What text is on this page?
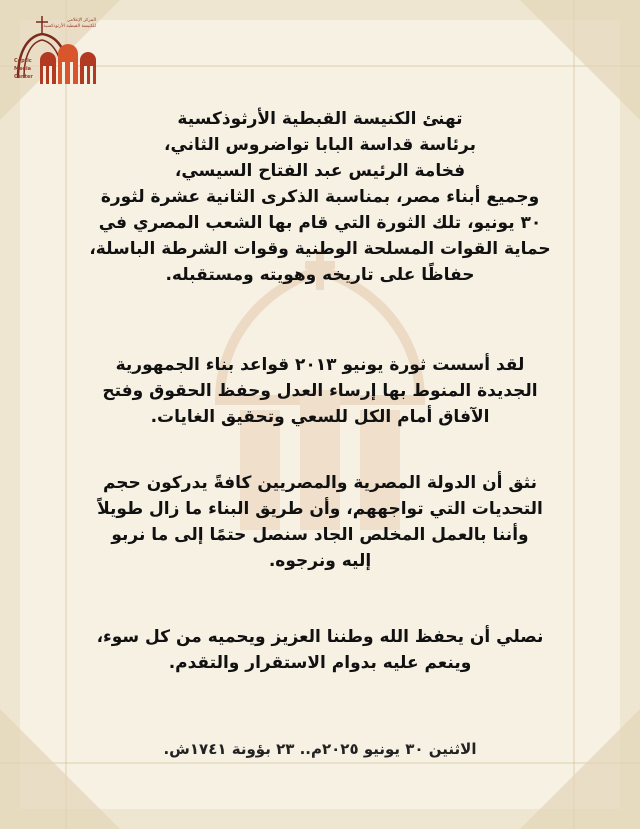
المركز الإعلامي
للكنيسة القبطية الأرثوذكسية
Coptic
Media
Center
تهنئ الكنيسة القبطية الأرثوذكسية
برئاسة قداسة البابا تواضروس الثاني،
فخامة الرئيس عبد الفتاح السيسي،
وجميع أبناء مصر، بمناسبة الذكرى الثانية عشرة لثورة
٣٠ يونيو، تلك الثورة التي قام بها الشعب المصري في
حماية القوات المسلحة الوطنية وقوات الشرطة الباسلة،
حفاظًا على تاريخه وهويته ومستقبله.
لقد أسست ثورة يونيو ٢٠١٣ قواعد بناء الجمهورية
الجديدة المنوط بها إرساء العدل وحفظ الحقوق وفتح
الآفاق أمام الكل للسعي وتحقيق الغايات.
نثق أن الدولة المصرية والمصريين كافةً يدركون حجم
التحديات التي تواجههم، وأن طريق البناء ما زال طويلاً
وأننا بالعمل المخلص الجاد سنصل حتمًا إلى ما نربو
إليه ونرجوه.
نصلي أن يحفظ الله وطننا العزيز ويحميه من كل سوء،
وينعم عليه بدوام الاستقرار والتقدم.
الاثنين ٣٠ يونيو ٢٠٢٥م.. ٢٣ بؤونة ١٧٤١ش.
